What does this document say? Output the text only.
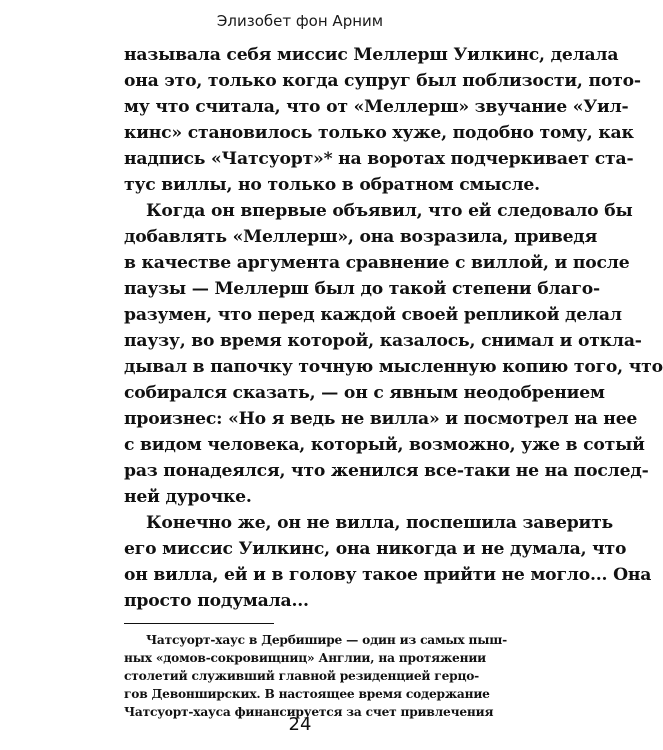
Элизобет фон Арним
называла себя миссис Меллерш Уилкинс, делала
она это, только когда супруг был поблизости, пото-
му что считала, что от «Меллерш» звучание «Уил-
кинс» становилось только хуже, подобно тому, как
надпись «Чатсуорт»* на воротах подчеркивает ста-
тус виллы, но только в обратном смысле.
Когда он впервые объявил, что ей следовало бы
добавлять «Меллерш», она возразила, приведя
в качестве аргумента сравнение с виллой, и после
паузы — Меллерш был до такой степени благо-
разумен, что перед каждой своей репликой делал
паузу, во время которой, казалось, снимал и откла-
дывал в папочку точную мысленную копию того, что
собирался сказать, — он с явным неодобрением
произнес: «Но я ведь не вилла» и посмотрел на нее
с видом человека, который, возможно, уже в сотый
раз понадеялся, что женился все-таки не на послед-
ней дурочке.
Конечно же, он не вилла, поспешила заверить
его миссис Уилкинс, она никогда и не думала, что
он вилла, ей и в голову такое прийти не могло... Она
просто подумала...
Чатсуорт-хаус в Дербишире — один из самых пыш-
ных «домов-сокровищниц» Англии, на протяжении
столетий служивший главной резиденцией герцо-
гов Девонширских. В настоящее время содержание
Чатсуорт-хауса финансируется за счет привлечения
24
